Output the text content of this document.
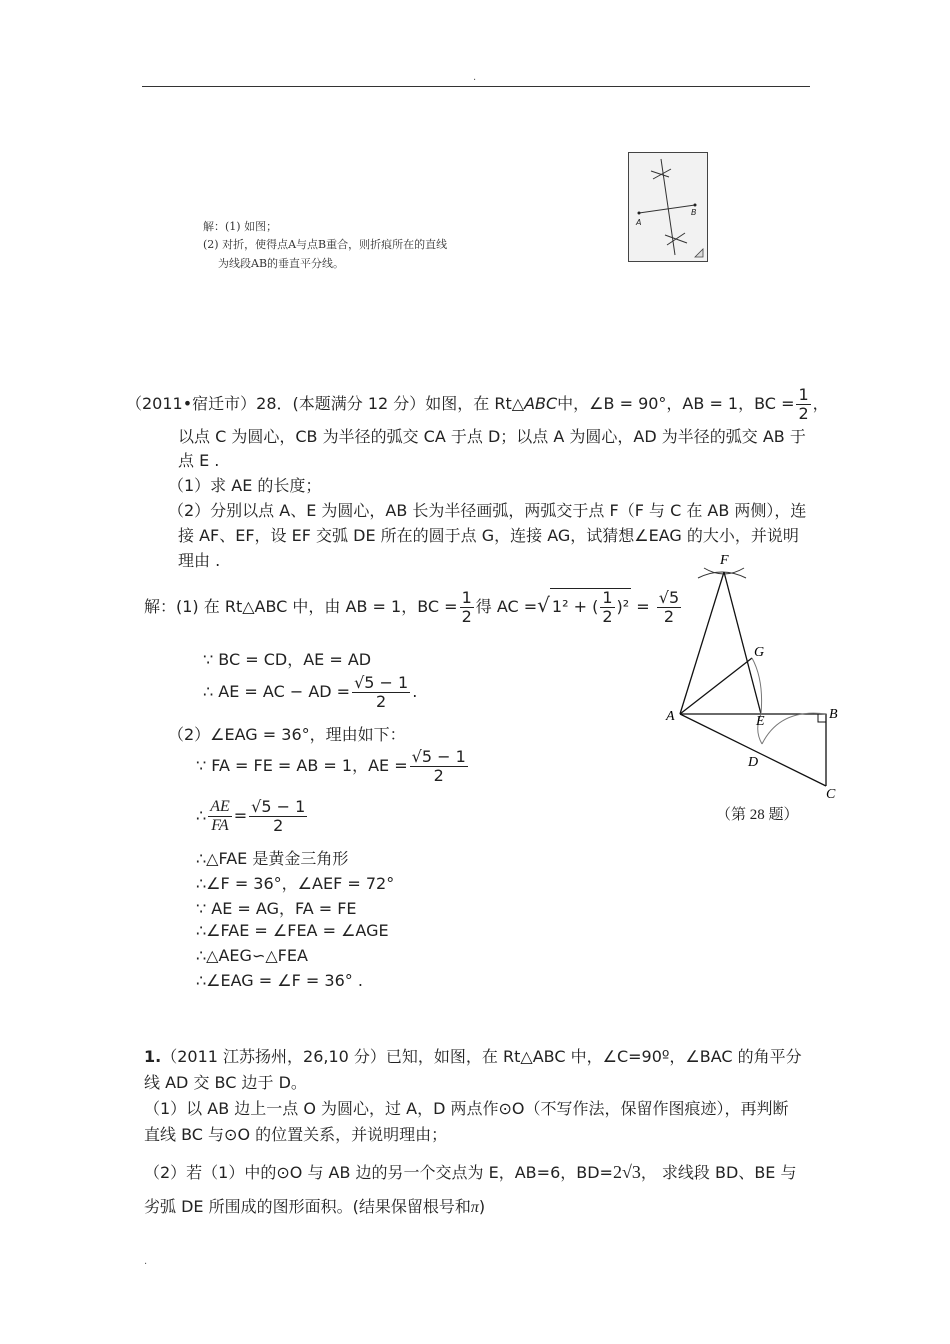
.
解：(1) 如图；
(2) 对折，使得点A与点B重合，则折痕所在的直线
为线段AB的垂直平分线。
A
B
（2011•宿迁市）28．(本题满分 12 分）如图，在 Rt△ABC中，∠B = 90°，AB = 1，BC = $\frac{1}{2}$ ，
以点 C 为圆心，CB 为半径的弧交 CA 于点 D；以点 A 为圆心，AD 为半径的弧交 AB 于
点 E .
（1）求 AE 的长度；
（2）分别以点 A、E 为圆心，AB 长为半径画弧，两弧交于点 F（F 与 C 在 AB 两侧），连
接 AF、EF，设 EF 交弧 DE 所在的圆于点 G，连接 AG，试猜想∠EAG 的大小，并说明
理由 .
解：(1) 在 Rt△ABC 中，由 AB = 1，BC = $\frac{1}{2}$ 得 AC =√ 1² + ( $\frac{1}{2} )^2 = \frac{√5}{2}$
∵ BC = CD，AE = AD
∴ AE = AC − AD = $\frac{√5 - 1}{2}$ .
（2）∠EAG = 36°，理由如下：
∵ FA = FE = AB = 1，AE = $\frac{√5 - 1}{2}$
∴ $\frac{AE}{FA} = \frac{√5 - 1}{2}$
∴△FAE 是黄金三角形
∴∠F = 36°，∠AEF = 72°
∵ AE = AG，FA = FE
∴∠FAE = ∠FEA = ∠AGE
∴△AEG∽△FEA
∴∠EAG = ∠F = 36° .
F
G
A	E	B
D
C
（第 28 题）
1.（2011 江苏扬州，26,10 分）已知，如图，在 Rt△ABC 中，∠C=90º，∠BAC 的角平分
线 AD 交 BC 边于 D。
（1）以 AB 边上一点 O 为圆心，过 A，D 两点作⊙O（不写作法，保留作图痕迹），再判断
直线 BC 与⊙O 的位置关系，并说明理由；
（2）若（1）中的⊙O 与 AB 边的另一个交点为 E，AB=6，BD=2√3， 求线段 BD、BE 与
劣弧 DE 所围成的图形面积。(结果保留根号和π)
.
